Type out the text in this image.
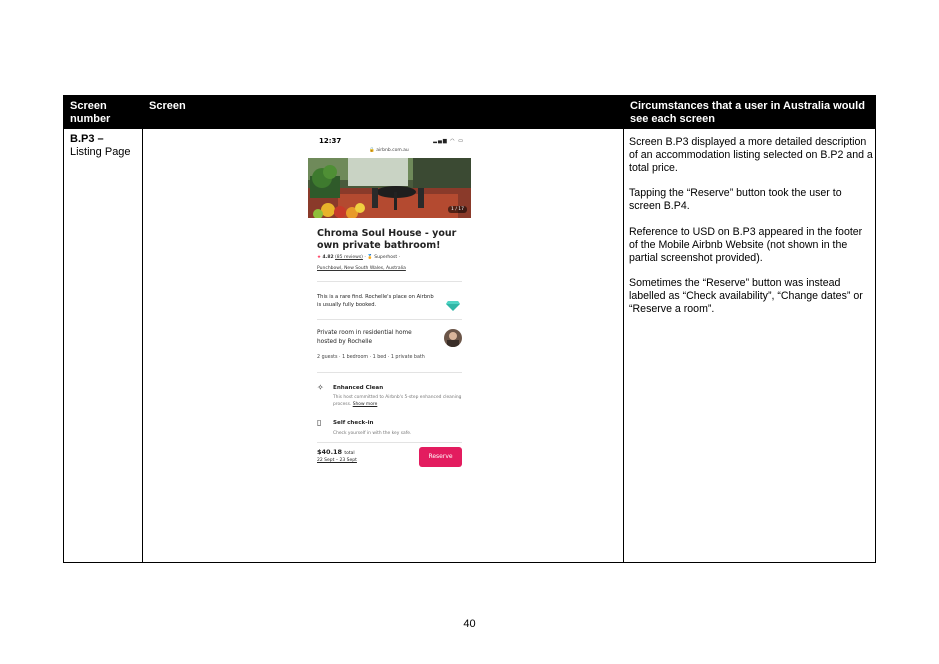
Screen number
Screen	Circumstances that a user in Australia would see each screen
B.P3 –
Listing Page

Screen B.P3 displayed a more detailed description of an accommodation listing selected on B.P2 and a total price.

Tapping the “Reserve” button took the user to screen B.P4.

Reference to USD on B.P3 appeared in the footer of the Mobile Airbnb Website (not shown in the partial screenshot provided).

Sometimes the “Reserve” button was instead labelled as “Check availability”, “Change dates” or “Reserve a room”.

12:37	▂▄▆ ◠ ▭
🔒 airbnb.com.au
1 / 17
Chroma Soul House - your own private bathroom!
★ 4.82 (85 reviews) · 🏅 Superhost ·
Punchbowl, New South Wales, Australia
This is a rare find. Rochelle's place on Airbnb is usually fully booked.
Private room in residential home hosted by Rochelle
2 guests · 1 bedroom · 1 bed · 1 private bath
✧ Enhanced Clean
This host committed to Airbnb's 5-step enhanced cleaning process. Show more
▯ Self check-in
Check yourself in with the key safe.
$40.18 total
22 Sept – 23 Sept
Reserve
40
